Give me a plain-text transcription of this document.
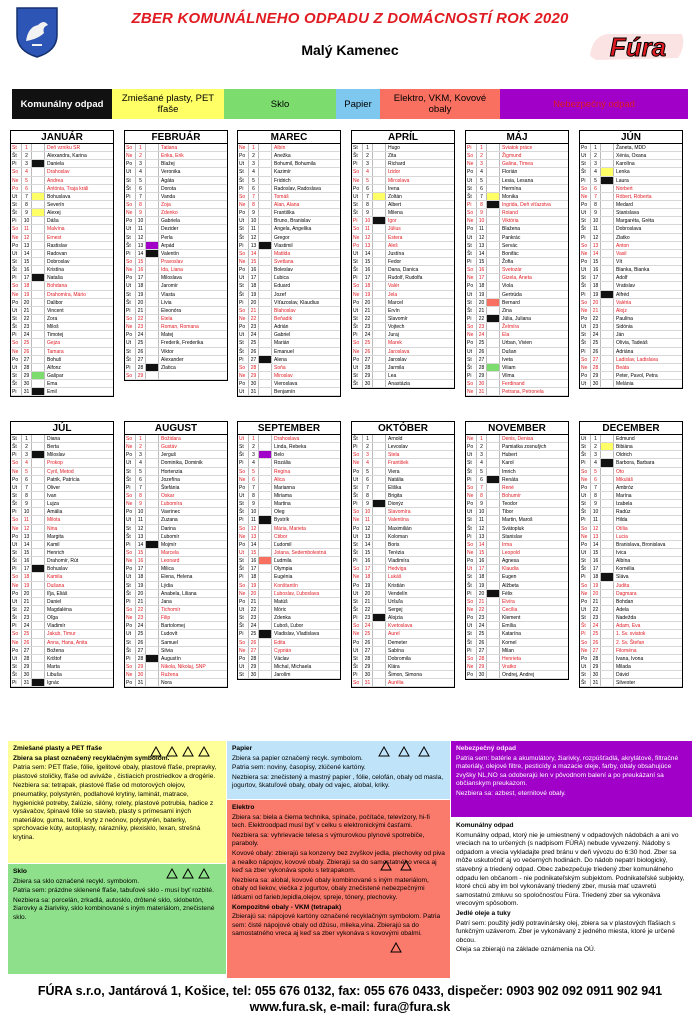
ZBER KOMUNÁLNEHO ODPADU Z DOMÁCNOSTÍ ROK 2020
Malý Kamenec	Fúra
Komunálny odpad	Zmiešané plasty, PET fľaše	Sklo	Papier	Elektro, VKM, Kovové obaly	Nebezpečný odpad
JANUÁR
St	1	Deň vzniku SR
Št	2	Alexandra, Karina
Pi	3	Daniela
So	4	Drahoslav
Ne	5	Andrea
Po	6	Antónia, Traja králi
Ut	7	Bohuslava
St	8	Severín
Št	9	Alexej
Pi	10	Dáša
So	11	Malvína
Ne	12	Ernest
Po	13	Rastislav
Ut	14	Radovan
St	15	Dobroslav
Št	16	Kristína
Pi	17	Nataša
So	18	Bohdana
Ne	19	Drahomíra, Mário
Po	20	Dalibor
Ut	21	Vincent
St	22	Zora
Št	23	Miloš
Pi	24	Timotej
So	25	Gejza
Ne	26	Tamara
Po	27	Bohuš
Ut	28	Alfonz
St	29	Gašpar
Št	30	Ema
Pi	31	Emil
FEBRUÁR
So	1	Tatiana
Ne	2	Erika, Erik
Po	3	Blažej
Ut	4	Veronika
St	5	Agáta
Št	6	Dorota
Pi	7	Vanda
So	8	Zoja
Ne	9	Zdenko
Po	10	Gabriela
Ut	11	Dezider
St	12	Perla
Št	13	Arpád
Pi	14	Valentín
So	15	Pravoslav
Ne	16	Ida, Liana
Po	17	Miloslava
Ut	18	Jaromír
St	19	Vlasta
Št	20	Lívia
Pi	21	Eleonóra
So	22	Etela
Ne	23	Roman, Romana
Po	24	Matej
Ut	25	Frederik, Frederika
St	26	Viktor
Št	27	Alexander
Pi	28	Zlatica
So	29
MAREC
Ne	1	Albín
Po	2	Anežka
Ut	3	Bohumil, Bohumila
St	4	Kazimír
Št	5	Fridrich
Pi	6	Radoslav, Radoslava
So	7	Tomáš
Ne	8	Alan, Alana
Po	9	Františka
Ut	10	Bruno, Branislav
St	11	Angela, Angelika
Št	12	Gregor
Pi	13	Vlastimil
So	14	Matilda
Ne	15	Svetlana
Po	16	Boleslav
Ut	17	Ľubica
St	18	Eduard
Št	19	Jozef
Pi	20	Víťazoslav, Klaudius
So	21	Blahoslav
Ne	22	Beňadik
Po	23	Adrián
Ut	24	Gabriel
St	25	Marián
Št	26	Emanuel
Pi	27	Alena
So	28	Soňa
Ne	29	Miroslav
Po	30	Vieroslava
Ut	31	Benjamín
APRÍL
St	1	Hugo
Št	2	Zita
Pi	3	Richard
So	4	Izidor
Ne	5	Miroslava
Po	6	Irena
Ut	7	Zoltán
St	8	Albert
Št	9	Milena
Pi	10	Igor
So	11	Július
Ne	12	Estera
Po	13	Aleš
Ut	14	Justína
St	15	Fedor
Št	16	Dana, Danica
Pi	17	Rudolf, Rudolfa
So	18	Valér
Ne	19	Jela
Po	20	Marcel
Ut	21	Ervín
St	22	Slavomír
Št	23	Vojtech
Pi	24	Juraj
So	25	Marek
Ne	26	Jaroslava
Po	27	Jaroslav
Ut	28	Jarmila
St	29	Lea
Št	30	Anastázia
MÁJ
Pi	1	Sviatok práce
So	2	Žigmund
Ne	3	Galina, Timea
Po	4	Florián
Ut	5	Lesia, Lesana
St	6	Hermína
Št	7	Monika
Pi	8	Ingrida, Deň víťazstva
So	9	Roland
Ne	10	Viktória
Po	11	Blažena
Ut	12	Pankrác
St	13	Servác
Št	14	Bonifác
Pi	15	Žofia
So	16	Svetozár
Ne	17	Gizela, Aneta
Po	18	Viola
Ut	19	Gertrúda
St	20	Bernard
Št	21	Zina
Pi	22	Júlia, Juliana
So	23	Želmíra
Ne	24	Ela
Po	25	Urban, Vivien
Ut	26	Dušan
St	27	Iveta
Št	28	Viliam
Pi	29	Vilma
So	30	Ferdinand
Ne	31	Petrana, Petronela
JÚN
Po	1	Žaneta, MDD
Ut	2	Xénia, Oxana
St	3	Karolína
Št	4	Lenka
Pi	5	Laura
So	6	Norbert
Ne	7	Róbert, Róberta
Po	8	Medard
Ut	9	Stanislava
St	10	Margaréta, Gréta
Št	11	Dobroslava
Pi	12	Zlatko
So	13	Anton
Ne	14	Vasil
Po	15	Vít
Ut	16	Blanka, Bianka
St	17	Adolf
Št	18	Vratislav
Pi	19	Alfréd
So	20	Valéria
Ne	21	Alojz
Po	22	Paulína
Ut	23	Sidónia
St	24	Ján
Št	25	Olívia, Tadeáš
Pi	26	Adriána
So	27	Ladislav, Ladislava
Ne	28	Beáta
Po	29	Peter, Pavol, Petra
Ut	30	Melánia
JÚL
St	1	Diana
Št	2	Berta
Pi	3	Miloslav
So	4	Prokop
Ne	5	Cyril, Metod
Po	6	Patrik, Patrícia
Ut	7	Oliver
St	8	Ivan
Št	9	Lujza
Pi	10	Amália
So	11	Milota
Ne	12	Nina
Po	13	Margita
Ut	14	Kamil
St	15	Henrich
Št	16	Drahomír, Rút
Pi	17	Bohuslav
So	18	Kamila
Ne	19	Dušana
Po	20	Iľja, Eliáš
Ut	21	Daniel
St	22	Magdaléna
Št	23	Oľga
Pi	24	Vladimír
So	25	Jakub, Timur
Ne	26	Anna, Hana, Anita
Po	27	Božena
Ut	28	Krištof
St	29	Marta
Št	30	Libuša
Pi	31	Ignác
AUGUST
So	1	Božidara
Ne	2	Gustáv
Po	3	Jerguš
Ut	4	Dominika, Dominik
St	5	Hortenzia
Št	6	Jozefína
Pi	7	Štefánia
So	8	Oskar
Ne	9	Ľubomíra
Po	10	Vavrinec
Ut	11	Zuzana
St	12	Darina
Št	13	Ľubomír
Pi	14	Mojmír
So	15	Marcela
Ne	16	Leonard
Po	17	Milica
Ut	18	Elena, Helena
St	19	Lýdia
Št	20	Anabela, Liliana
Pi	21	Jana
So	22	Tichomír
Ne	23	Filip
Po	24	Bartolomej
Ut	25	Ľudovít
St	26	Samuel
Št	27	Silvia
Pi	28	Augustín
So	29	Nikola, Nikolaj, SNP
Ne	30	Ružena
Po	31	Nora
SEPTEMBER
Ut	1	Drahoslava
St	2	Linda, Rebeka
Št	3	Belo
Pi	4	Rozália
So	5	Regína
Ne	6	Alica
Po	7	Marianna
Ut	8	Miriama
St	9	Martina
Št	10	Oleg
Pi	11	Bystrík
So	12	Mária, Marieta
Ne	13	Ctibor
Po	14	Ľudomil
Ut	15	Jolana, Sedembolestná
St	16	Ľudmila
Št	17	Olympia
Pi	18	Eugénia
So	19	Konštantín
Ne	20	Ľuboslav, Ľuboslava
Po	21	Matúš
Ut	22	Móric
St	23	Zdenka
Št	24	Ľuboš, Ľubor
Pi	25	Vladislav, Vladislava
So	26	Edita
Ne	27	Cyprián
Po	28	Václav
Ut	29	Michal, Michaela
St	30	Jarolím
OKTÓBER
Št	1	Arnold
Pi	2	Levoslav
So	3	Stela
Ne	4	František
Po	5	Viera
Ut	6	Natália
St	7	Eliška
Št	8	Brigita
Pi	9	Dionýz
So	10	Slavomíra
Ne	11	Valentína
Po	12	Maximilián
Ut	13	Koloman
St	14	Boris
Št	15	Terézia
Pi	16	Vladimíra
So	17	Hedviga
Ne	18	Lukáš
Po	19	Kristián
Ut	20	Vendelín
St	21	Uršuľa
Št	22	Sergej
Pi	23	Alojzia
So	24	Kvetoslava
Ne	25	Aurel
Po	26	Demeter
Ut	27	Sabína
St	28	Dobromila
Št	29	Klára
Pi	30	Šimon, Simona
So	31	Aurélia
NOVEMBER
Ne	1	Denis, Denisa
Po	2	Pamiatka zosnulých
Ut	3	Hubert
St	4	Karol
Št	5	Imrich
Pi	6	Renáta
So	7	René
Ne	8	Bohumír
Po	9	Teodor
Ut	10	Tibor
St	11	Martin, Maroš
Št	12	Svätopluk
Pi	13	Stanislav
So	14	Irma
Ne	15	Leopold
Po	16	Agnesa
Ut	17	Klaudia
St	18	Eugen
Št	19	Alžbeta
Pi	20	Félix
So	21	Elvíra
Ne	22	Cecília
Po	23	Klement
Ut	24	Emília
St	25	Katarína
Št	26	Kornel
Pi	27	Milan
So	28	Henrieta
Ne	29	Vratko
Po	30	Ondrej, Andrej
DECEMBER
Ut	1	Edmund
St	2	Bibiána
Št	3	Oldrich
Pi	4	Barbora, Barbara
So	5	Oto
Ne	6	Mikuláš
Po	7	Ambróz
Ut	8	Marína
St	9	Izabela
Št	10	Radúz
Pi	11	Hilda
So	12	Otília
Ne	13	Lucia
Po	14	Branislava, Bronislava
Ut	15	Ivica
St	16	Albína
Št	17	Kornélia
Pi	18	Sláva
So	19	Judita
Ne	20	Dagmara
Po	21	Bohdan
Ut	22	Adela
St	23	Nadežda
Št	24	Adam, Eva
Pi	25	1. Sv. sviatok
So	26	2. Sv. Štefan
Ne	27	Filoména
Po	28	Ivana, Ivona
Ut	29	Milada
St	30	Dávid
Št	31	Silvester

Zmiešané plasty a PET fľaše

Zbiera sa plast označený recyklačným symbolom.

Patria sem: PET fľaše, fólie, igelitové obaly, plastové fľaše, prepravky, plastové stoličky, fľaše od aviváže , čistiacich prostriedkov a drogérie.

Nezbiera sa: tetrapak, plastové fľaše od motorových olejov, pneumatiky, polystyrén, podlahové krytiny, laminát, matrace, hygienické potreby, žalúzie, silóny, rolety, plastové potrubia, hadice z vysávačov, špinavé fólie so stavieb, plasty s prímesami iných materiálov, guma, textil, kryty z neónov, polystyrén, baterky, sprchovacie kúty, autoplasty, nárazníky, plexisklo, lexan, strešná krytina.

Papier

Zbiera sa papier označený recyk. symbolom.

Patria sem: noviny, časopisy, zlúčené kartóny.

Nezbiera sa: znečistený a mastný papier , fólie, celofán, obaly od masla, jogurtov, škatuľové obaly, obaly od vajec, alobal, kriky.

Nebezpečný odpad

Patria sem: batérie a akumulátory, žiarivky, rozpúšťadlá, akrylátové, filtračné materiály, olejové filtre, pesticídy a mazacie oleje, farby, obaly obsahujúce zvyšky NL,NO sa odoberajú len v pôvodnom balení a po preukázaní sa občianskym preukazom.

Nezbiera sa: azbest, eternitové obaly.

Sklo

Zbiera sa sklo označené recykl. symbolom.

Patria sem: prázdne sklenené fľaše, tabuľové sklo - musí byť rozbité.

Nezbiera sa: porcelán, zrkadlá, autosklo, drôtené sklo, sklobetón, žiarovky a žiariviky, sklo kombinované s iným materiálom, znečistené sklo.

Elektro

Zbiera sa: biela a čierna technika, spínače, počítače, televízory, hi-fi tech. Elektroodpad musí byť v celku s elektronickými časťami.

Nezbiera sa: vyhrievacie telesa s výmurovkou plynové spotrebiče, paraboly.

Kovové obaly: zbierajú sa konzervy bez zvyškov jedla, plechovky od piva a nealko nápojov, kovové obaly. Zbierajú sa do samostatného vreca aj keď sa zber vykonáva spolu s tetrapakom.

Nezbiera sa: alobal, kovové obaly kombinované s iným materiálom, obaly od liekov, viečka z jogurtov, obaly znečistené nebezpečnými látkami od farieb,lepidla,olejov, spreje, tónery, plechovky.

Kompozitné obaly - VKM (tetrapak)

Zbierajú sa: nápojové kartóny označené recyklačným symbolom. Patria sem: čisté nápojové obaly od džúsu, mlieka,vína. Zbierajú sa do samostatného vreca aj keď sa zber vykonáva s kovovými obalmi.

Komunálny odpad

Komunálny odpad, ktorý nie je umiestnený v odpadových nádobách a ani vo vreciach na to určených (s nadpisom FÚRA) nebude vyvezený. Nádoby s odpadom a vrecia vykladajte pred bránu v deň vývozu do 6:30 hod. Zber sa môže uskutočniť aj vo večerných hodinách. Do nádob nepatrí biologický, stavebný a triedený odpad. Obec zabezpečuje triedený zber komunálneho odpadu len občanom - nie podnikateľským subjektom. Podnikateľské subjekty, ktoré chcú aby im bol vykonávaný triedený zber, musia mať uzavretú samostatnú zmluvu so spoločnosťou Fúra. Triedený zber sa vykonáva vrecovým spôsobom.

Jedlé oleje a tuky

Patrí sem: použitý jedlý potravinársky olej, zbiera sa v plastových fľašiach s funkčným uzáverom. Zber je vykonávaný z jedného miesta, ktoré je určené obcou.

Oleja sa zbierajú na základe oznámenia na OÚ.

FÚRA s.r.o, Jantárová 1, Košice, tel: 055 676 0132, fax: 055 676 0433, dispečer: 0903 902 092 0911 902 941
www.fura.sk, e-mail: fura@fura.sk
